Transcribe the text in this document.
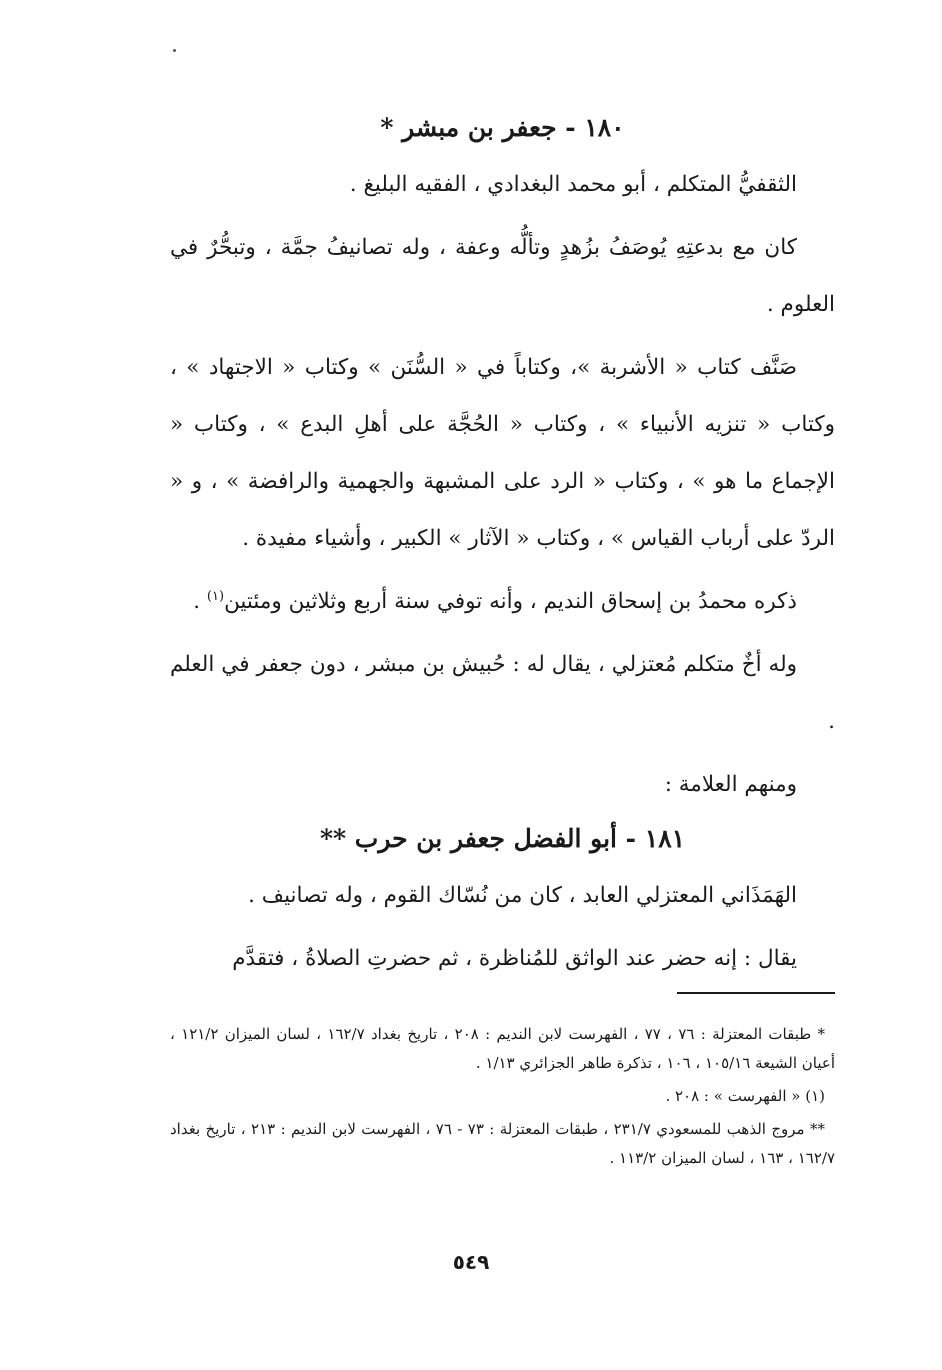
١٨٠ - جعفر بن مبشر *

الثقفيُّ المتكلم ، أبو محمد البغدادي ، الفقيه البليغ .

كان مع بدعتِهِ يُوصَفُ بزُهدٍ وتألُّه وعفة ، وله تصانيفُ جمَّة ، وتبحُّرٌ في العلوم .

صَنَّف كتاب « الأشربة »، وكتاباً في « السُّنَن » وكتاب « الاجتهاد » ، وكتاب « تنزيه الأنبياء » ، وكتاب « الحُجَّة على أهلِ البدع » ، وكتاب « الإجماع ما هو » ، وكتاب « الرد على المشبهة والجهمية والرافضة » ، و « الردّ على أرباب القياس » ، وكتاب « الآثار » الكبير ، وأشياء مفيدة .

ذكره محمدُ بن إسحاق النديم ، وأنه توفي سنة أربع وثلاثين ومئتين$^{(١)}$ .

وله أخٌ متكلم مُعتزلي ، يقال له : حُبيش بن مبشر ، دون جعفر في العلم .

ومنهم العلامة :

١٨١ - أبو الفضل جعفر بن حرب **

الهَمَذَاني المعتزلي العابد ، كان من نُسّاك القوم ، وله تصانيف .

يقال : إنه حضر عند الواثق للمُناظرة ، ثم حضرتِ الصلاةُ ، فتقدَّم

* طبقات المعتزلة : ٧٦ ، ٧٧ ، الفهرست لابن النديم : ٢٠٨ ، تاريخ بغداد ١٦٢/٧ ، لسان الميزان ١٢١/٢ ، أعيان الشيعة ١٠٥/١٦ ، ١٠٦ ، تذكرة طاهر الجزائري ١/١٣ .

(١) « الفهرست » : ٢٠٨ .

** مروج الذهب للمسعودي ٢٣١/٧ ، طبقات المعتزلة : ٧٣ - ٧٦ ، الفهرست لابن النديم : ٢١٣ ، تاريخ بغداد ١٦٢/٧ ، ١٦٣ ، لسان الميزان ١١٣/٢ .

٥٤٩
